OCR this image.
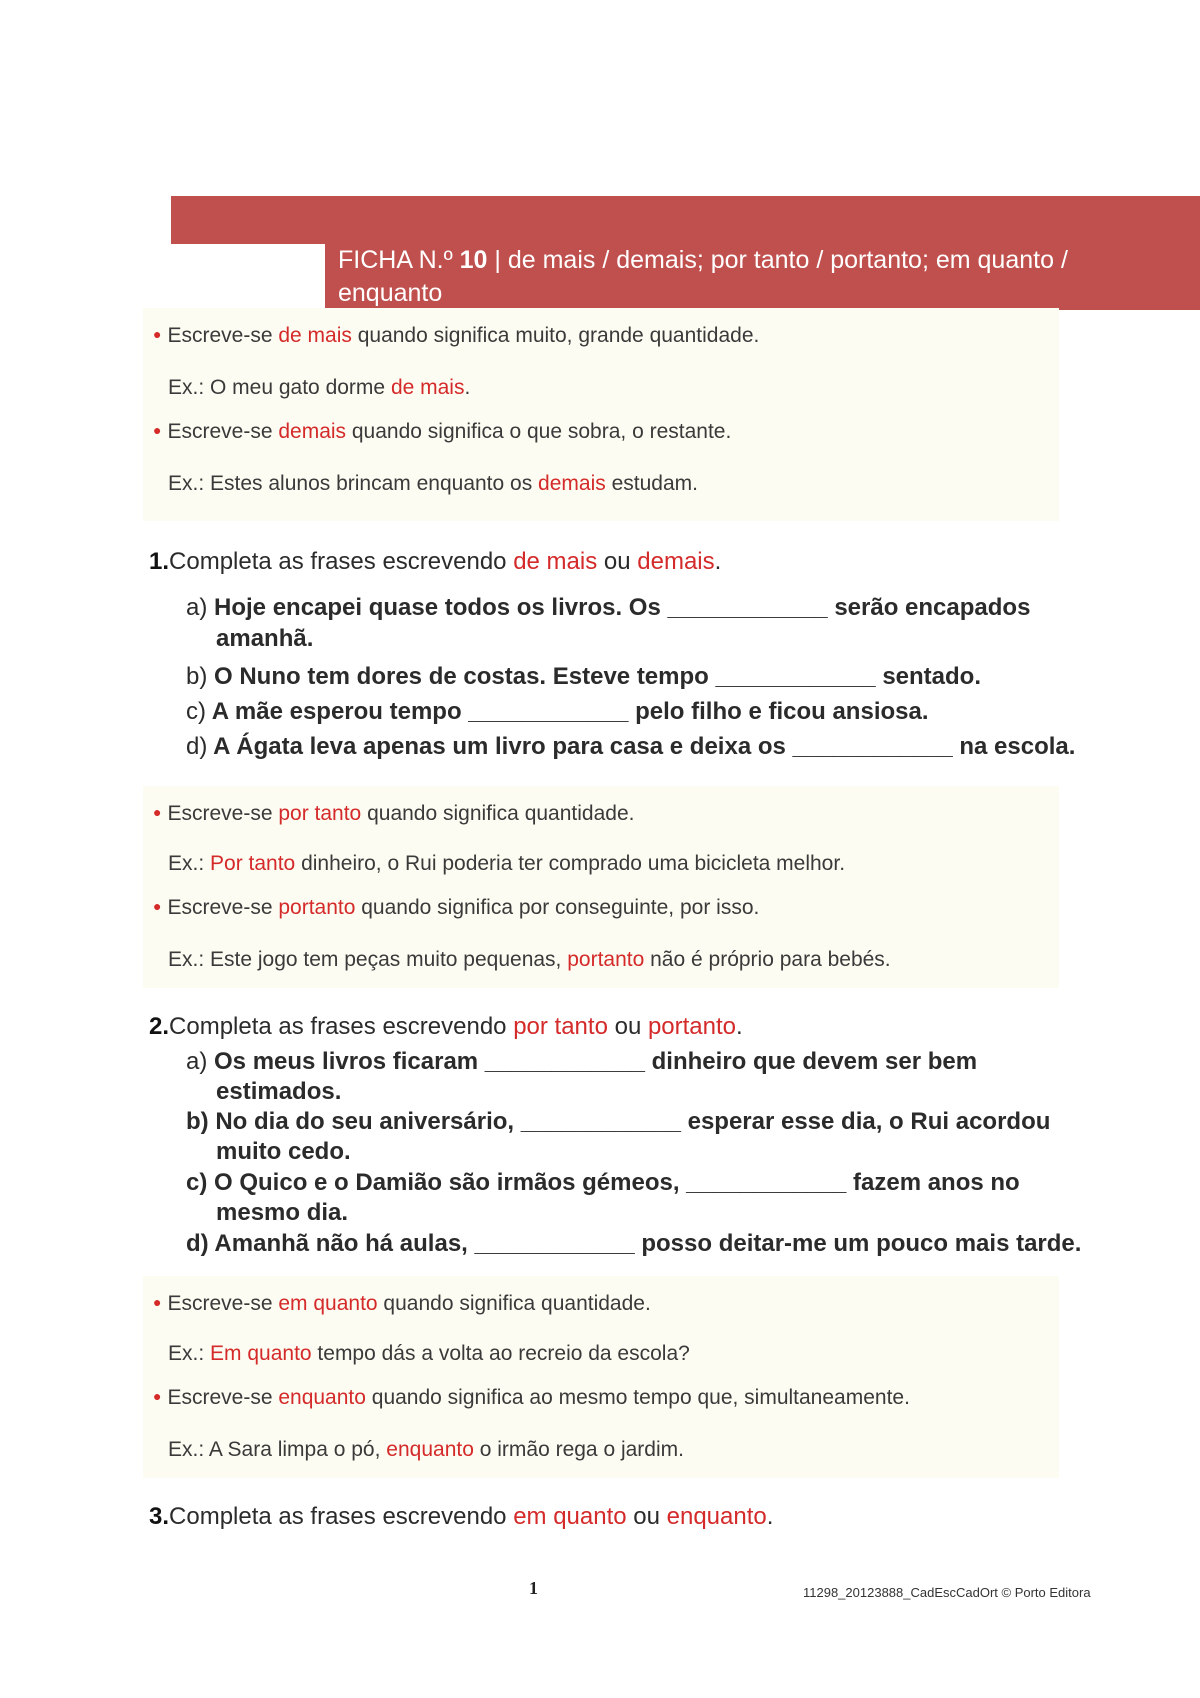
FICHA N.º 10 | de mais / demais; por tanto / portanto; em quanto /
enquanto
● Escreve-se de mais quando significa muito, grande quantidade.
Ex.: O meu gato dorme de mais.
● Escreve-se demais quando significa o que sobra, o restante.
Ex.: Estes alunos brincam enquanto os demais estudam.
1.Completa as frases escrevendo de mais ou demais.
a) Hoje encapei quase todos os livros. Os ____________ serão encapados
amanhã.
b) O Nuno tem dores de costas. Esteve tempo ____________ sentado.
c) A mãe esperou tempo ____________ pelo filho e ficou ansiosa.
d) A Ágata leva apenas um livro para casa e deixa os ____________ na escola.
● Escreve-se por tanto quando significa quantidade.
Ex.: Por tanto dinheiro, o Rui poderia ter comprado uma bicicleta melhor.
● Escreve-se portanto quando significa por conseguinte, por isso.
Ex.: Este jogo tem peças muito pequenas, portanto não é próprio para bebés.
2.Completa as frases escrevendo por tanto ou portanto.
a) Os meus livros ficaram ____________ dinheiro que devem ser bem
estimados.
b) No dia do seu aniversário, ____________ esperar esse dia, o Rui acordou
muito cedo.
c) O Quico e o Damião são irmãos gémeos, ____________ fazem anos no
mesmo dia.
d) Amanhã não há aulas, ____________ posso deitar-me um pouco mais tarde.
● Escreve-se em quanto quando significa quantidade.
Ex.: Em quanto tempo dás a volta ao recreio da escola?
● Escreve-se enquanto quando significa ao mesmo tempo que, simultaneamente.
Ex.: A Sara limpa o pó, enquanto o irmão rega o jardim.
3.Completa as frases escrevendo em quanto ou enquanto.
1	11298_20123888_CadEscCadOrt © Porto Editora
